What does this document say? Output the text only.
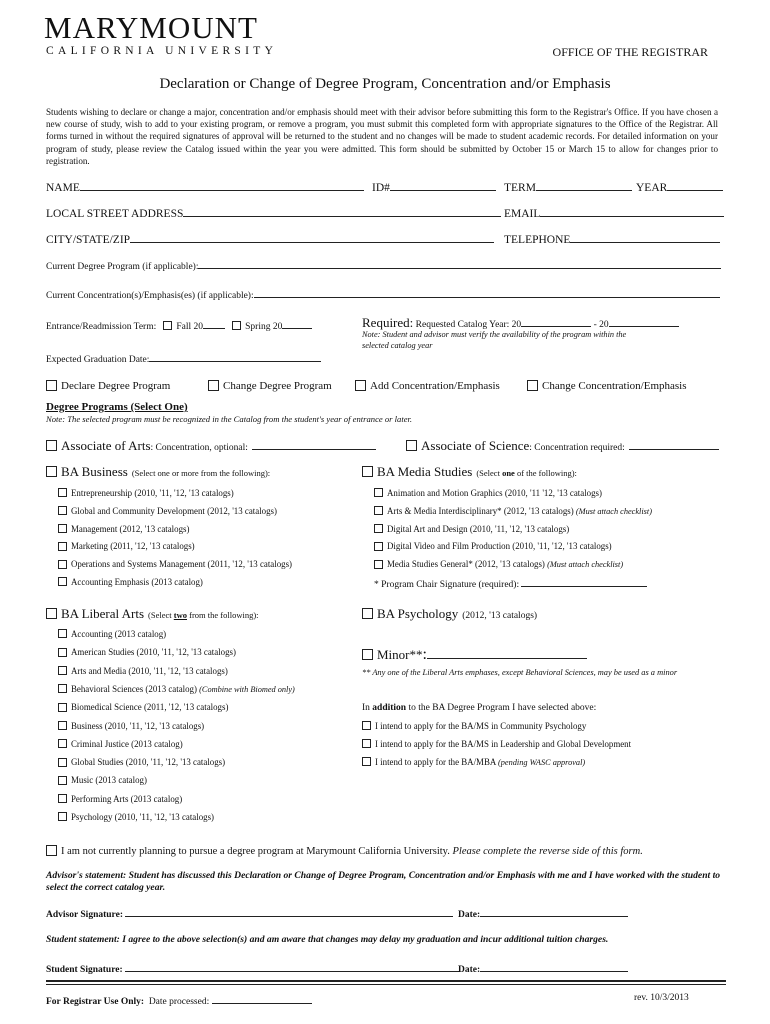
MARYMOUNT
CALIFORNIA UNIVERSITY	OFFICE OF THE REGISTRAR
Declaration or Change of Degree Program, Concentration and/or Emphasis
Students wishing to declare or change a major, concentration and/or emphasis should meet with their advisor before submitting this form to the Registrar's Office. If you have chosen a new course of study, wish to add to your existing program, or remove a program, you must submit this completed form with appropriate signatures to the Office of the Registrar. All forms turned in without the required signatures of approval will be returned to the student and no changes will be made to student academic records. For detailed information on your program of study, please review the Catalog issued within the year you were admitted. This form should be submitted by October 15 or March 15 to allow for changes prior to registration.
NAME	ID#	TERM	YEAR
LOCAL STREET ADDRESS	EMAIL
CITY/STATE/ZIP	TELEPHONE
Current Degree Program (if applicable):
Current Concentration(s)/Emphasis(es) (if applicable):
Entrance/Readmission Term: Fall 20	Spring 20	Required: Requested Catalog Year: 20	- 20
Note: Student and advisor must verify the availability of the program within the
selected catalog year
Expected Graduation Date:
Declare Degree Program	Change Degree Program	Add Concentration/Emphasis	Change Concentration/Emphasis
Degree Programs (Select One)
Note: The selected program must be recognized in the Catalog from the student's year of entrance or later.
Associate of Arts: Concentration, optional:	Associate of Science: Concentration required:
BA Business (Select one or more from the following):	BA Media Studies (Select one of the following):
Entrepreneurship (2010, '11, '12, '13 catalogs)
Global and Community Development (2012, '13 catalogs)
Management (2012, '13 catalogs)
Marketing (2011, '12, '13 catalogs)
Operations and Systems Management (2011, '12, '13 catalogs)
Accounting Emphasis (2013 catalog)
Animation and Motion Graphics (2010, '11 '12, '13 catalogs)
Arts & Media Interdisciplinary* (2012, '13 catalogs) (Must attach checklist)
Digital Art and Design (2010, '11, '12, '13 catalogs)
Digital Video and Film Production (2010, '11, '12, '13 catalogs)
Media Studies General* (2012, '13 catalogs) (Must attach checklist)
* Program Chair Signature (required):
BA Liberal Arts (Select two from the following):	BA Psychology (2012, '13 catalogs)
Accounting (2013 catalog)
American Studies (2010, '11, '12, '13 catalogs)
Arts and Media (2010, '11, '12, '13 catalogs)
Behavioral Sciences (2013 catalog) (Combine with Biomed only)
Biomedical Science (2011, '12, '13 catalogs)
Business (2010, '11, '12, '13 catalogs)
Criminal Justice (2013 catalog)
Global Studies (2010, '11, '12, '13 catalogs)
Music (2013 catalog)
Performing Arts (2013 catalog)
Psychology (2010, '11, '12, '13 catalogs)
Minor**:
** Any one of the Liberal Arts emphases, except Behavioral Sciences, may be used as a minor
In addition to the BA Degree Program I have selected above:
I intend to apply for the BA/MS in Community Psychology
I intend to apply for the BA/MS in Leadership and Global Development
I intend to apply for the BA/MBA (pending WASC approval)
I am not currently planning to pursue a degree program at Marymount California University. Please complete the reverse side of this form.
Advisor's statement: Student has discussed this Declaration or Change of Degree Program, Concentration and/or Emphasis with me and I have worked with the student to select the correct catalog year.
Advisor Signature:	Date:
Student statement: I agree to the above selection(s) and am aware that changes may delay my graduation and incur additional tuition charges.
Student Signature:	Date:
For Registrar Use Only: Date processed:	rev. 10/3/2013
